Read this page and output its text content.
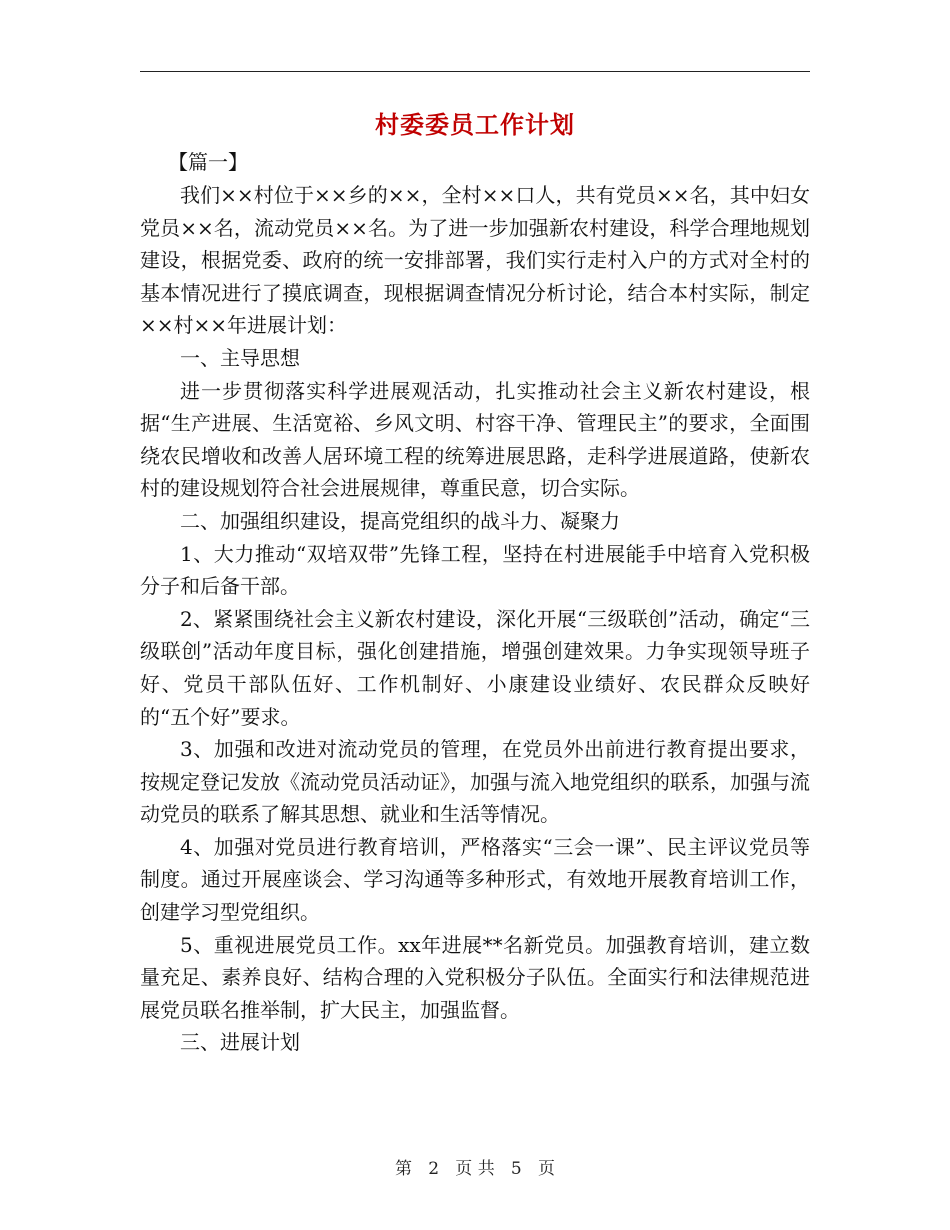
村委委员工作计划
【篇一】

我们××村位于××乡的××，全村××口人，共有党员××名，其中妇女党员××名，流动党员××名。为了进一步加强新农村建设，科学合理地规划建设，根据党委、政府的统一安排部署，我们实行走村入户的方式对全村的基本情况进行了摸底调查，现根据调查情况分析讨论，结合本村实际，制定××村××年进展计划：

一、主导思想

进一步贯彻落实科学进展观活动，扎实推动社会主义新农村建设，根据“生产进展、生活宽裕、乡风文明、村容干净、管理民主”的要求，全面围绕农民增收和改善人居环境工程的统筹进展思路，走科学进展道路，使新农村的建设规划符合社会进展规律，尊重民意，切合实际。

二、加强组织建设，提高党组织的战斗力、凝聚力

1、大力推动“双培双带”先锋工程，坚持在村进展能手中培育入党积极分子和后备干部。

2、紧紧围绕社会主义新农村建设，深化开展“三级联创”活动，确定“三级联创”活动年度目标，强化创建措施，增强创建效果。力争实现领导班子好、党员干部队伍好、工作机制好、小康建设业绩好、农民群众反映好的“五个好”要求。

3、加强和改进对流动党员的管理，在党员外出前进行教育提出要求，按规定登记发放《流动党员活动证》，加强与流入地党组织的联系，加强与流动党员的联系了解其思想、就业和生活等情况。

4、加强对党员进行教育培训，严格落实“三会一课”、民主评议党员等制度。通过开展座谈会、学习沟通等多种形式，有效地开展教育培训工作，创建学习型党组织。

5、重视进展党员工作。xx年进展**名新党员。加强教育培训，建立数量充足、素养良好、结构合理的入党积极分子队伍。全面实行和法律规范进展党员联名推举制，扩大民主，加强监督。

三、进展计划

第 2 页 共 5 页
